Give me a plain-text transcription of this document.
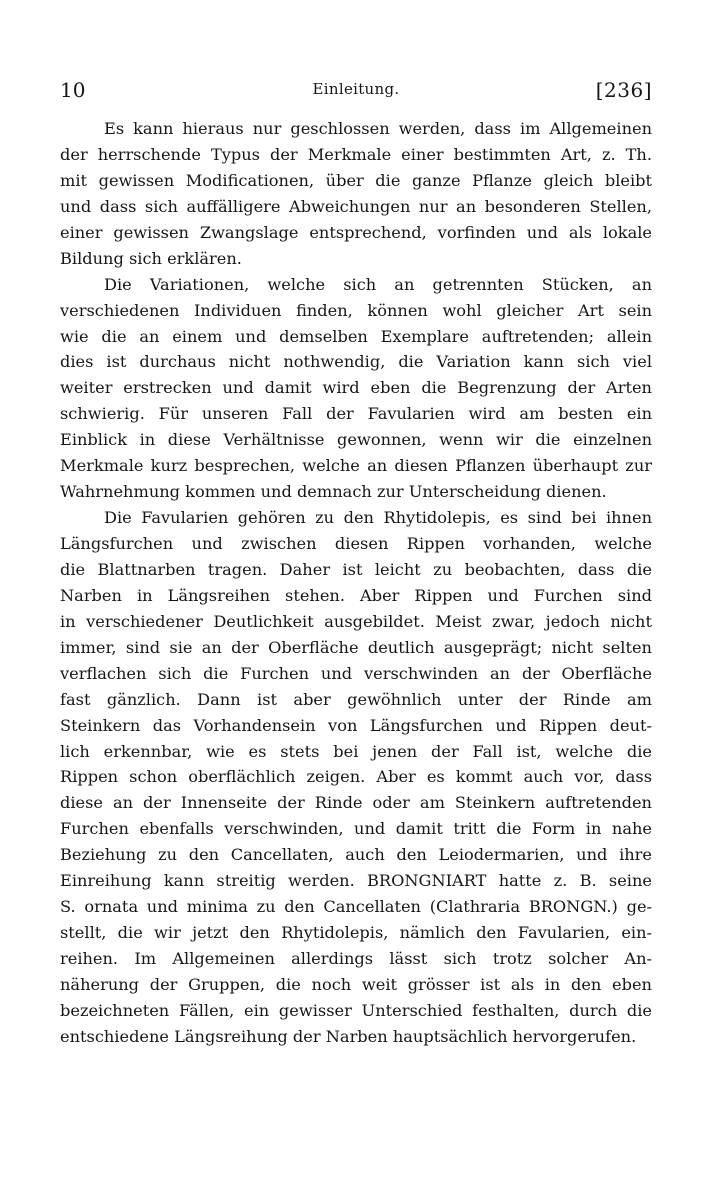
10	Einleitung.	[236]
Es kann hieraus nur geschlossen werden, dass im Allgemeinen
der herrschende Typus der Merkmale einer bestimmten Art, z. Th.
mit gewissen Modificationen, über die ganze Pflanze gleich bleibt
und dass sich auffälligere Abweichungen nur an besonderen Stellen,
einer gewissen Zwangslage entsprechend, vorfinden und als lokale
Bildung sich erklären.
Die Variationen, welche sich an getrennten Stücken, an
verschiedenen Individuen finden, können wohl gleicher Art sein
wie die an einem und demselben Exemplare auftretenden; allein
dies ist durchaus nicht nothwendig, die Variation kann sich viel
weiter erstrecken und damit wird eben die Begrenzung der Arten
schwierig. Für unseren Fall der Favularien wird am besten ein
Einblick in diese Verhältnisse gewonnen, wenn wir die einzelnen
Merkmale kurz besprechen, welche an diesen Pflanzen überhaupt zur
Wahrnehmung kommen und demnach zur Unterscheidung dienen.
Die Favularien gehören zu den Rhytidolepis, es sind bei ihnen
Längsfurchen und zwischen diesen Rippen vorhanden, welche
die Blattnarben tragen. Daher ist leicht zu beobachten, dass die
Narben in Längsreihen stehen. Aber Rippen und Furchen sind
in verschiedener Deutlichkeit ausgebildet. Meist zwar, jedoch nicht
immer, sind sie an der Oberfläche deutlich ausgeprägt; nicht selten
verflachen sich die Furchen und verschwinden an der Oberfläche
fast gänzlich. Dann ist aber gewöhnlich unter der Rinde am
Steinkern das Vorhandensein von Längsfurchen und Rippen deut-
lich erkennbar, wie es stets bei jenen der Fall ist, welche die
Rippen schon oberflächlich zeigen. Aber es kommt auch vor, dass
diese an der Innenseite der Rinde oder am Steinkern auftretenden
Furchen ebenfalls verschwinden, und damit tritt die Form in nahe
Beziehung zu den Cancellaten, auch den Leiodermarien, und ihre
Einreihung kann streitig werden. BRONGNIART hatte z. B. seine
S. ornata und minima zu den Cancellaten (Clathraria BRONGN.) ge-
stellt, die wir jetzt den Rhytidolepis, nämlich den Favularien, ein-
reihen. Im Allgemeinen allerdings lässt sich trotz solcher An-
näherung der Gruppen, die noch weit grösser ist als in den eben
bezeichneten Fällen, ein gewisser Unterschied festhalten, durch die
entschiedene Längsreihung der Narben hauptsächlich hervorgerufen.
